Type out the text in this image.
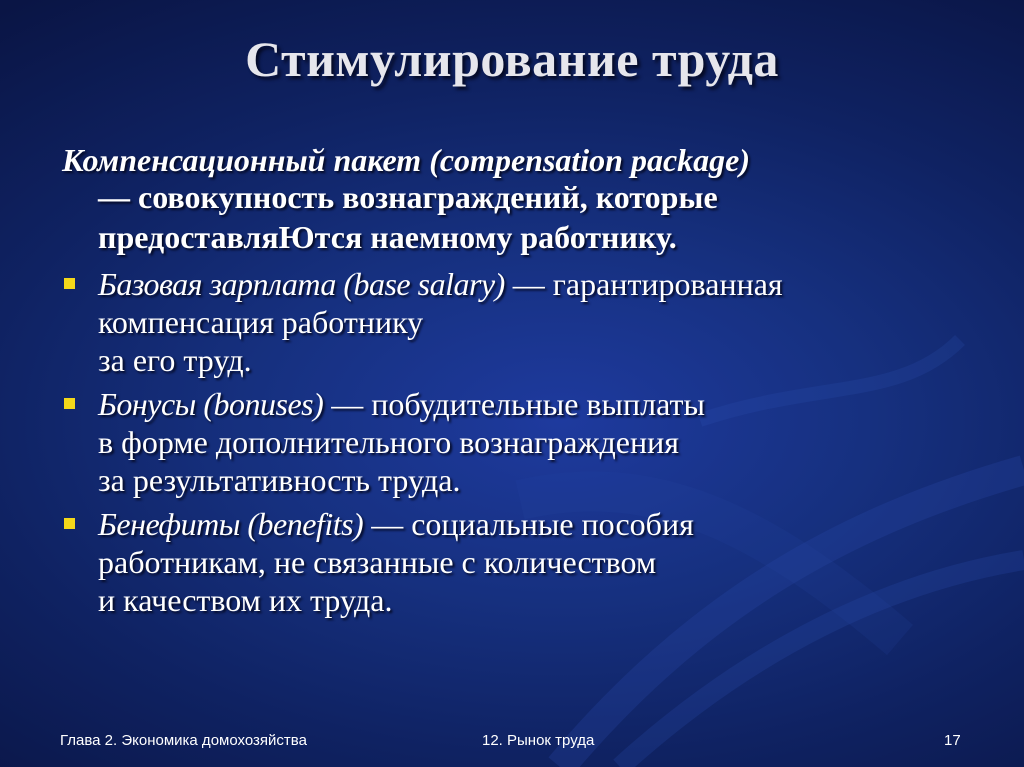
Стимулирование труда
Компенсационный пакет (compensation package)
— совокупность вознаграждений, которые
предоставляЮтся наемному работнику.
Базовая зарплата (base salary) — гарантированная
компенсация работнику
за его труд.
Бонусы (bonuses) — побудительные выплаты
в форме дополнительного вознаграждения
за результативность труда.
Бенефиты (benefits) — социальные пособия
работникам, не связанные с количеством
и качеством их труда.
Глава 2. Экономика домохозяйства	12. Рынок труда	17
